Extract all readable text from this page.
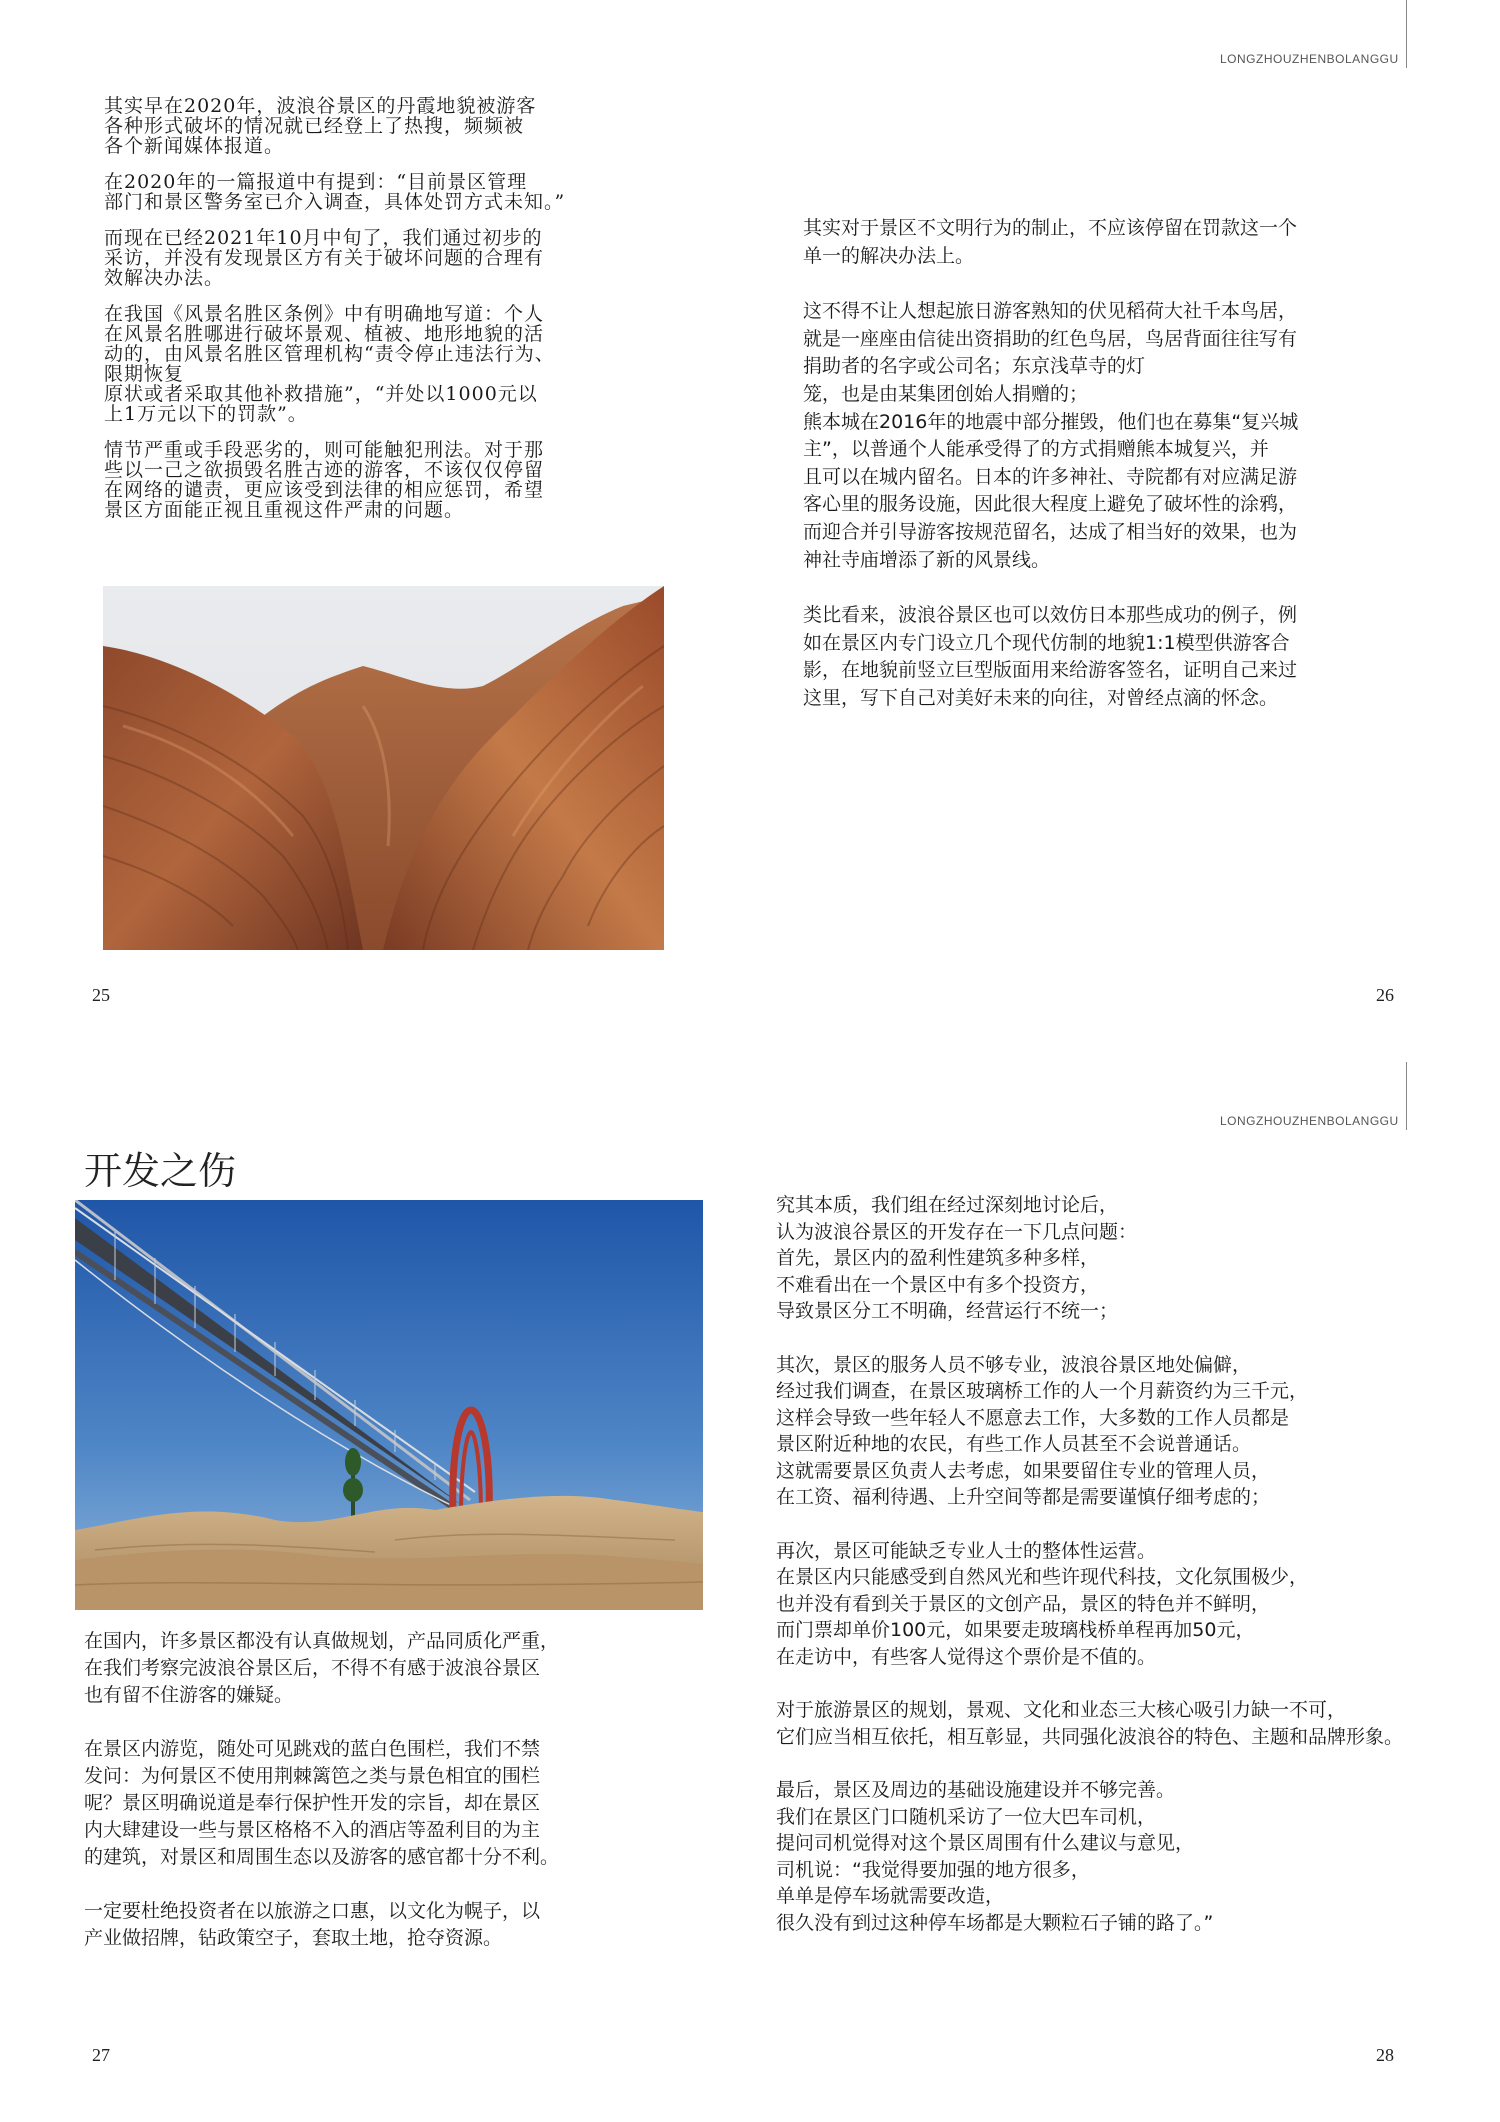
LONGZHOUZHENBOLANGGU

其实早在2020年，波浪谷景区的丹霞地貌被游客
各种形式破坏的情况就已经登上了热搜，频频被
各个新闻媒体报道。

在2020年的一篇报道中有提到：“目前景区管理
部门和景区警务室已介入调查，具体处罚方式未知。”

而现在已经2021年10月中旬了，我们通过初步的
采访，并没有发现景区方有关于破坏问题的合理有
效解决办法。

在我国《风景名胜区条例》中有明确地写道：个人
在风景名胜哪进行破坏景观、植被、地形地貌的活
动的，由风景名胜区管理机构“责令停止违法行为、
限期恢复
原状或者采取其他补救措施”，“并处以1000元以
上1万元以下的罚款”。

情节严重或手段恶劣的，则可能触犯刑法。对于那
些以一己之欲损毁名胜古迹的游客，不该仅仅停留
在网络的谴责，更应该受到法律的相应惩罚，希望
景区方面能正视且重视这件严肃的问题。

25

其实对于景区不文明行为的制止，不应该停留在罚款这一个
单一的解决办法上。

这不得不让人想起旅日游客熟知的伏见稻荷大社千本鸟居，
就是一座座由信徒出资捐助的红色鸟居，鸟居背面往往写有
捐助者的名字或公司名；东京浅草寺的灯
笼，也是由某集团创始人捐赠的；
熊本城在2016年的地震中部分摧毁，他们也在募集“复兴城
主”，以普通个人能承受得了的方式捐赠熊本城复兴，并
且可以在城内留名。日本的许多神社、寺院都有对应满足游
客心里的服务设施，因此很大程度上避免了破坏性的涂鸦，
而迎合并引导游客按规范留名，达成了相当好的效果，也为
神社寺庙增添了新的风景线。

类比看来，波浪谷景区也可以效仿日本那些成功的例子，例
如在景区内专门设立几个现代仿制的地貌1:1模型供游客合
影，在地貌前竖立巨型版面用来给游客签名，证明自己来过
这里，写下自己对美好未来的向往，对曾经点滴的怀念。

26
LONGZHOUZHENBOLANGGU
开发之伤

在国内，许多景区都没有认真做规划，产品同质化严重，
在我们考察完波浪谷景区后，不得不有感于波浪谷景区
也有留不住游客的嫌疑。

在景区内游览，随处可见跳戏的蓝白色围栏，我们不禁
发问：为何景区不使用荆棘篱笆之类与景色相宜的围栏
呢？景区明确说道是奉行保护性开发的宗旨，却在景区
内大肆建设一些与景区格格不入的酒店等盈利目的为主
的建筑，对景区和周围生态以及游客的感官都十分不利。

一定要杜绝投资者在以旅游之口惠，以文化为幌子，以
产业做招牌，钻政策空子，套取土地，抢夺资源。

27

究其本质，我们组在经过深刻地讨论后，
认为波浪谷景区的开发存在一下几点问题：
首先，景区内的盈利性建筑多种多样，
不难看出在一个景区中有多个投资方，
导致景区分工不明确，经营运行不统一；

其次，景区的服务人员不够专业，波浪谷景区地处偏僻，
经过我们调查，在景区玻璃桥工作的人一个月薪资约为三千元，
这样会导致一些年轻人不愿意去工作，大多数的工作人员都是
景区附近种地的农民，有些工作人员甚至不会说普通话。
这就需要景区负责人去考虑，如果要留住专业的管理人员，
在工资、福利待遇、上升空间等都是需要谨慎仔细考虑的；

再次，景区可能缺乏专业人士的整体性运营。
在景区内只能感受到自然风光和些许现代科技，文化氛围极少，
也并没有看到关于景区的文创产品，景区的特色并不鲜明，
而门票却单价100元，如果要走玻璃栈桥单程再加50元，
在走访中，有些客人觉得这个票价是不值的。

对于旅游景区的规划，景观、文化和业态三大核心吸引力缺一不可，
它们应当相互依托，相互彰显，共同强化波浪谷的特色、主题和品牌形象。

最后，景区及周边的基础设施建设并不够完善。
我们在景区门口随机采访了一位大巴车司机，
提问司机觉得对这个景区周围有什么建议与意见，
司机说：“我觉得要加强的地方很多，
单单是停车场就需要改造，
很久没有到过这种停车场都是大颗粒石子铺的路了。”

28
